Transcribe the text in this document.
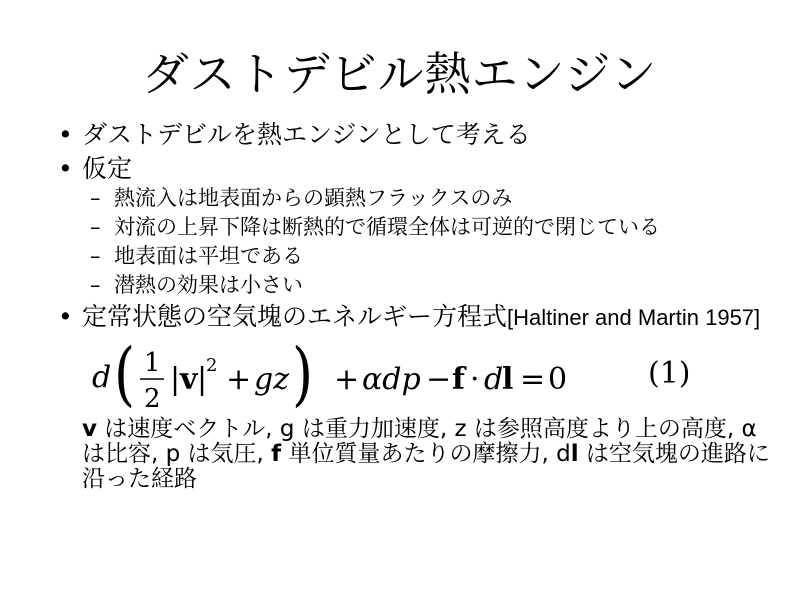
ダストデビル熱エンジン
• ダストデビルを熱エンジンとして考える
• 仮定
– 熱流入は地表面からの顕熱フラックスのみ
– 対流の上昇下降は断熱的で循環全体は可逆的で閉じている
– 地表面は平坦である
– 潜熱の効果は小さい
• 定常状態の空気塊のエネルギー方程式[Haltiner and Martin 1957]
d ( 1
2
| v |
2 + gz ) + αdp − f · d
l = 0	(1)
v は速度ベクトル, g は重力加速度, z は参照高度より上の高度, α は比容, p は気圧, f 単位質量あたりの摩擦力, dl は空気塊の進路に沿った経路
